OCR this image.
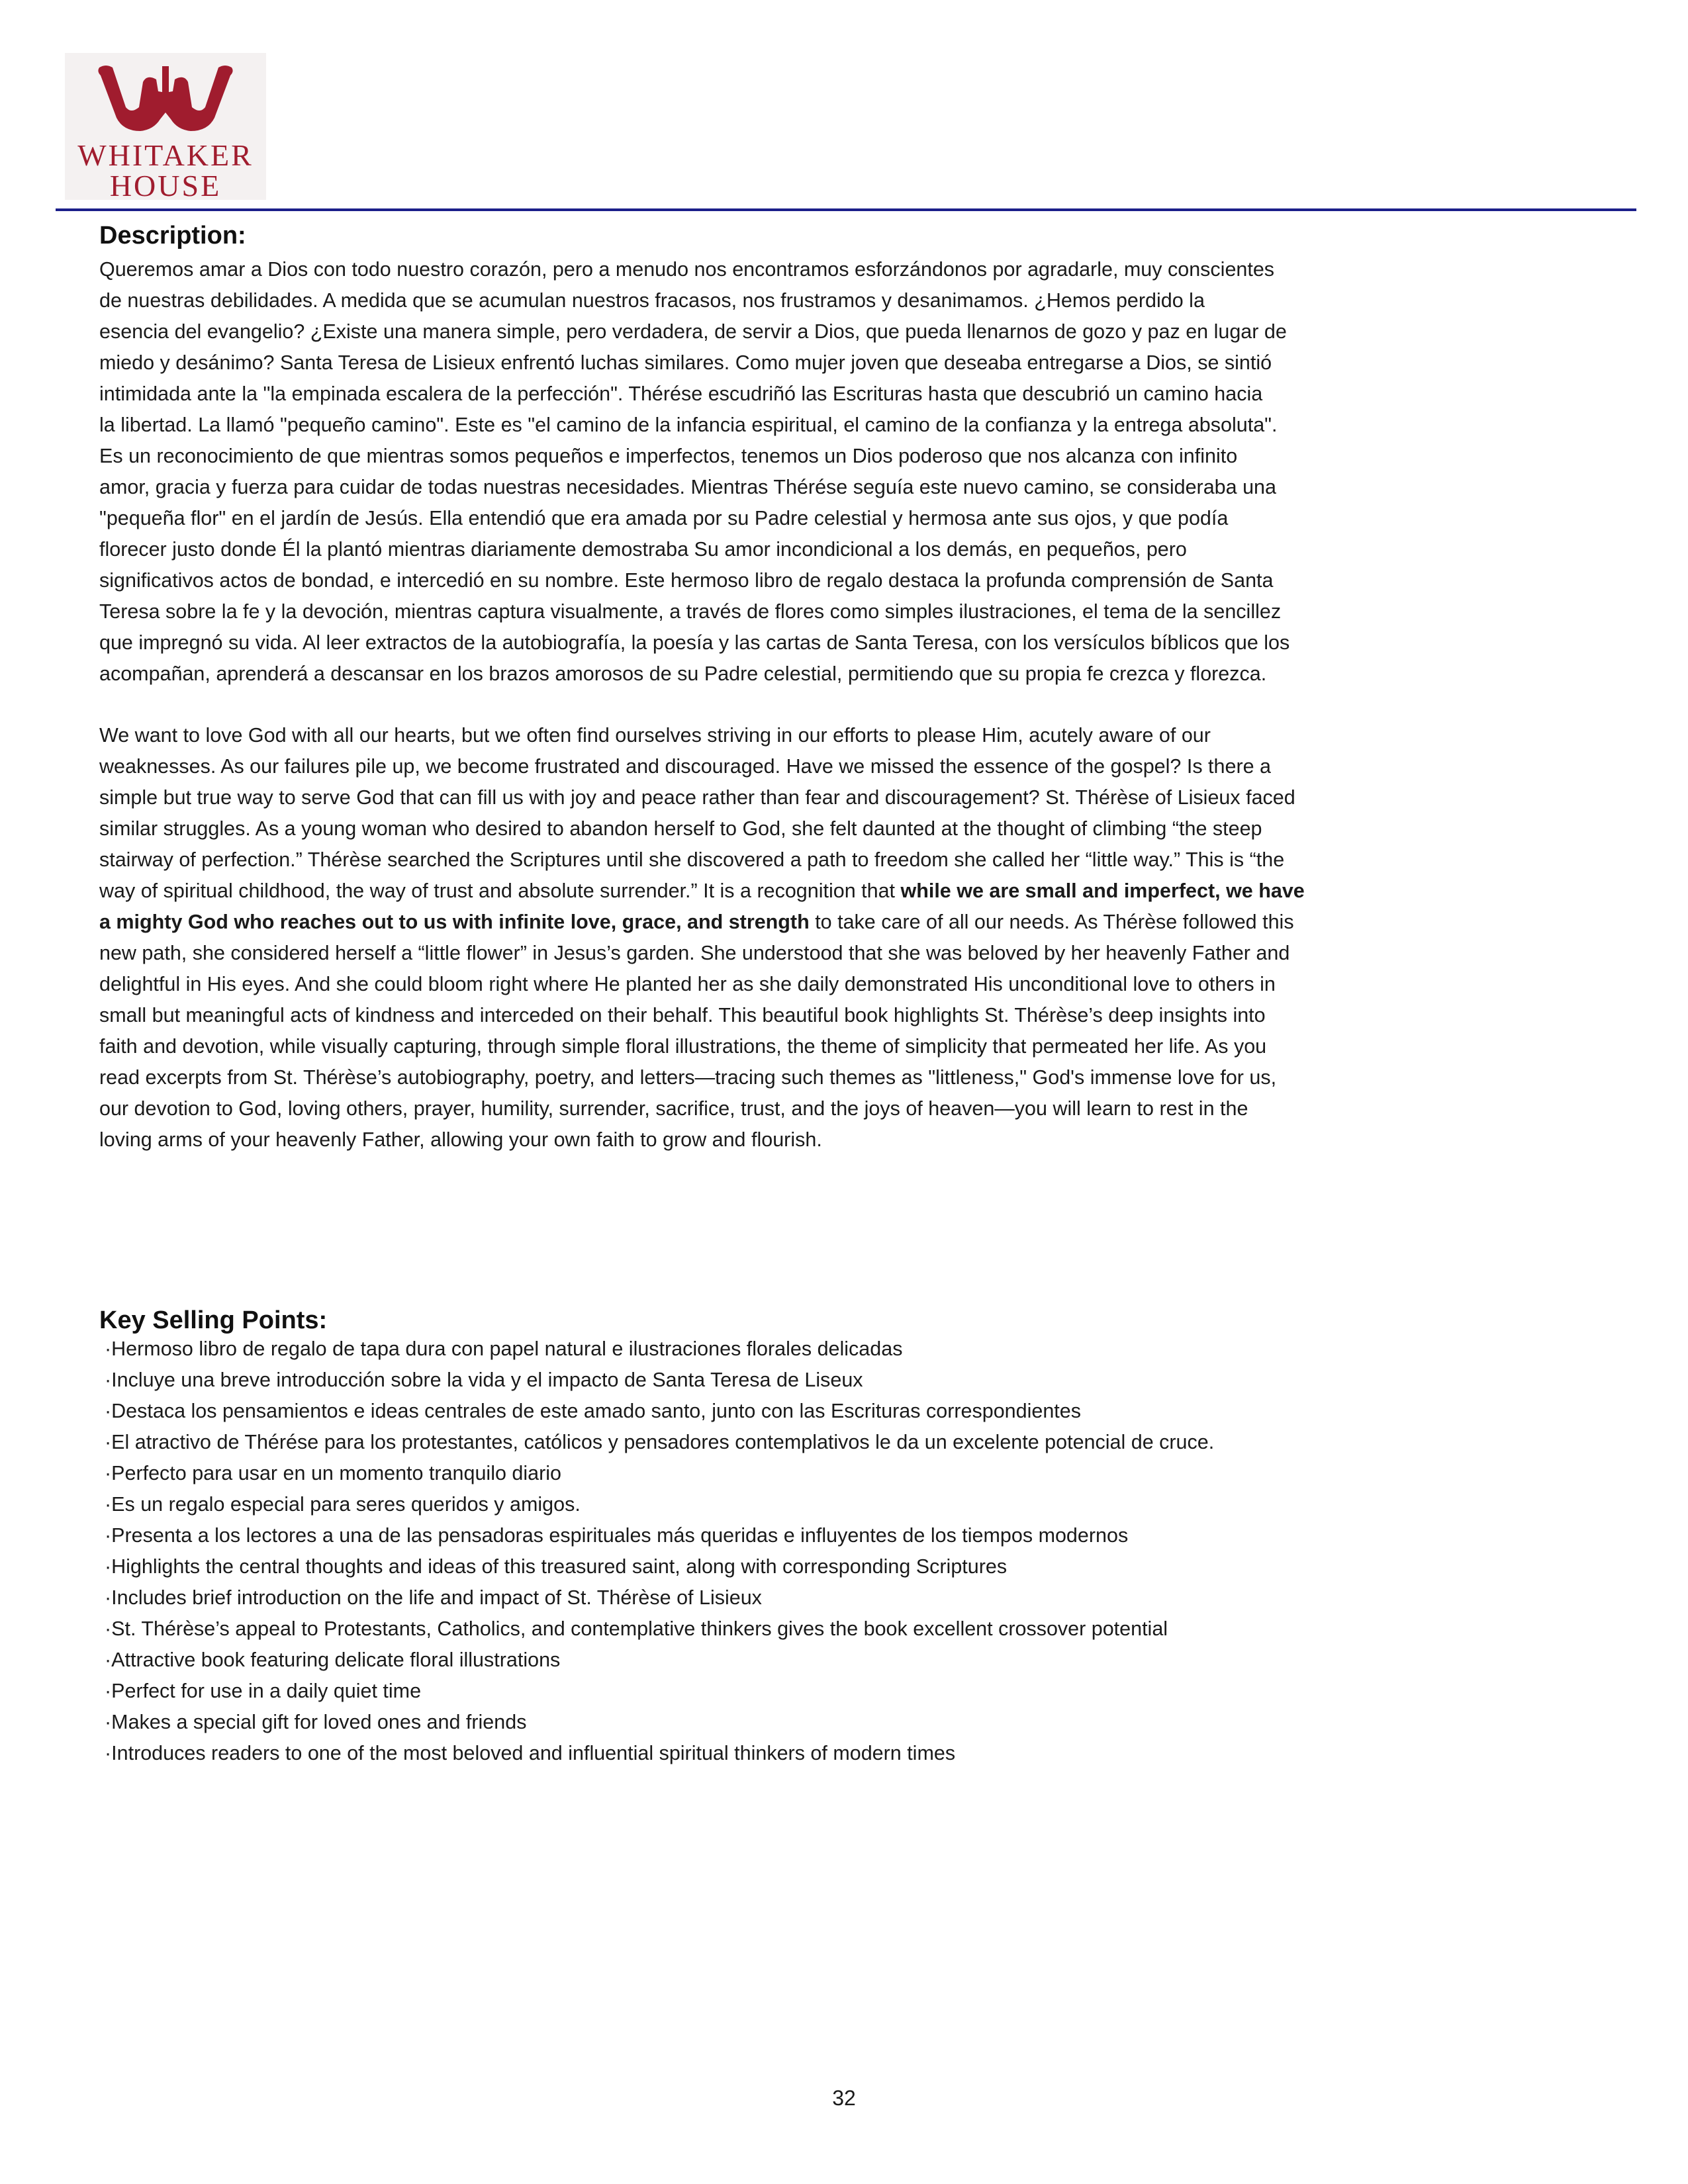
WHITAKER
HOUSE
Description:

Queremos amar a Dios con todo nuestro corazón, pero a menudo nos encontramos esforzándonos por agradarle, muy conscientes
de nuestras debilidades. A medida que se acumulan nuestros fracasos, nos frustramos y desanimamos. ¿Hemos perdido la
esencia del evangelio? ¿Existe una manera simple, pero verdadera, de servir a Dios, que pueda llenarnos de gozo y paz en lugar de
miedo y desánimo? Santa Teresa de Lisieux enfrentó luchas similares. Como mujer joven que deseaba entregarse a Dios, se sintió
intimidada ante la "la empinada escalera de la perfección". Thérése escudriñó las Escrituras hasta que descubrió un camino hacia
la libertad. La llamó "pequeño camino". Este es "el camino de la infancia espiritual, el camino de la confianza y la entrega absoluta".
Es un reconocimiento de que mientras somos pequeños e imperfectos, tenemos un Dios poderoso que nos alcanza con infinito
amor, gracia y fuerza para cuidar de todas nuestras necesidades. Mientras Thérése seguía este nuevo camino, se consideraba una
"pequeña flor" en el jardín de Jesús. Ella entendió que era amada por su Padre celestial y hermosa ante sus ojos, y que podía
florecer justo donde Él la plantó mientras diariamente demostraba Su amor incondicional a los demás, en pequeños, pero
significativos actos de bondad, e intercedió en su nombre. Este hermoso libro de regalo destaca la profunda comprensión de Santa
Teresa sobre la fe y la devoción, mientras captura visualmente, a través de flores como simples ilustraciones, el tema de la sencillez
que impregnó su vida. Al leer extractos de la autobiografía, la poesía y las cartas de Santa Teresa, con los versículos bíblicos que los
acompañan, aprenderá a descansar en los brazos amorosos de su Padre celestial, permitiendo que su propia fe crezca y florezca.

We want to love God with all our hearts, but we often find ourselves striving in our efforts to please Him, acutely aware of our
weaknesses. As our failures pile up, we become frustrated and discouraged. Have we missed the essence of the gospel? Is there a
simple but true way to serve God that can fill us with joy and peace rather than fear and discouragement? St. Thérèse of Lisieux faced
similar struggles. As a young woman who desired to abandon herself to God, she felt daunted at the thought of climbing “the steep
stairway of perfection.” Thérèse searched the Scriptures until she discovered a path to freedom she called her “little way.” This is “the
way of spiritual childhood, the way of trust and absolute surrender.” It is a recognition that while we are small and imperfect, we have
a mighty God who reaches out to us with infinite love, grace, and strength to take care of all our needs. As Thérèse followed this
new path, she considered herself a “little flower” in Jesus’s garden. She understood that she was beloved by her heavenly Father and
delightful in His eyes. And she could bloom right where He planted her as she daily demonstrated His unconditional love to others in
small but meaningful acts of kindness and interceded on their behalf. This beautiful book highlights St. Thérèse’s deep insights into
faith and devotion, while visually capturing, through simple floral illustrations, the theme of simplicity that permeated her life. As you
read excerpts from St. Thérèse’s autobiography, poetry, and letters—tracing such themes as "littleness," God's immense love for us,
our devotion to God, loving others, prayer, humility, surrender, sacrifice, trust, and the joys of heaven—you will learn to rest in the
loving arms of your heavenly Father, allowing your own faith to grow and flourish.

Key Selling Points:
·Hermoso libro de regalo de tapa dura con papel natural e ilustraciones florales delicadas
·Incluye una breve introducción sobre la vida y el impacto de Santa Teresa de Liseux
·Destaca los pensamientos e ideas centrales de este amado santo, junto con las Escrituras correspondientes
·El atractivo de Thérése para los protestantes, católicos y pensadores contemplativos le da un excelente potencial de cruce.
·Perfecto para usar en un momento tranquilo diario
·Es un regalo especial para seres queridos y amigos.
·Presenta a los lectores a una de las pensadoras espirituales más queridas e influyentes de los tiempos modernos
·Highlights the central thoughts and ideas of this treasured saint, along with corresponding Scriptures
·Includes brief introduction on the life and impact of St. Thérèse of Lisieux
·St. Thérèse’s appeal to Protestants, Catholics, and contemplative thinkers gives the book excellent crossover potential
·Attractive book featuring delicate floral illustrations
·Perfect for use in a daily quiet time
·Makes a special gift for loved ones and friends
·Introduces readers to one of the most beloved and influential spiritual thinkers of modern times
32
